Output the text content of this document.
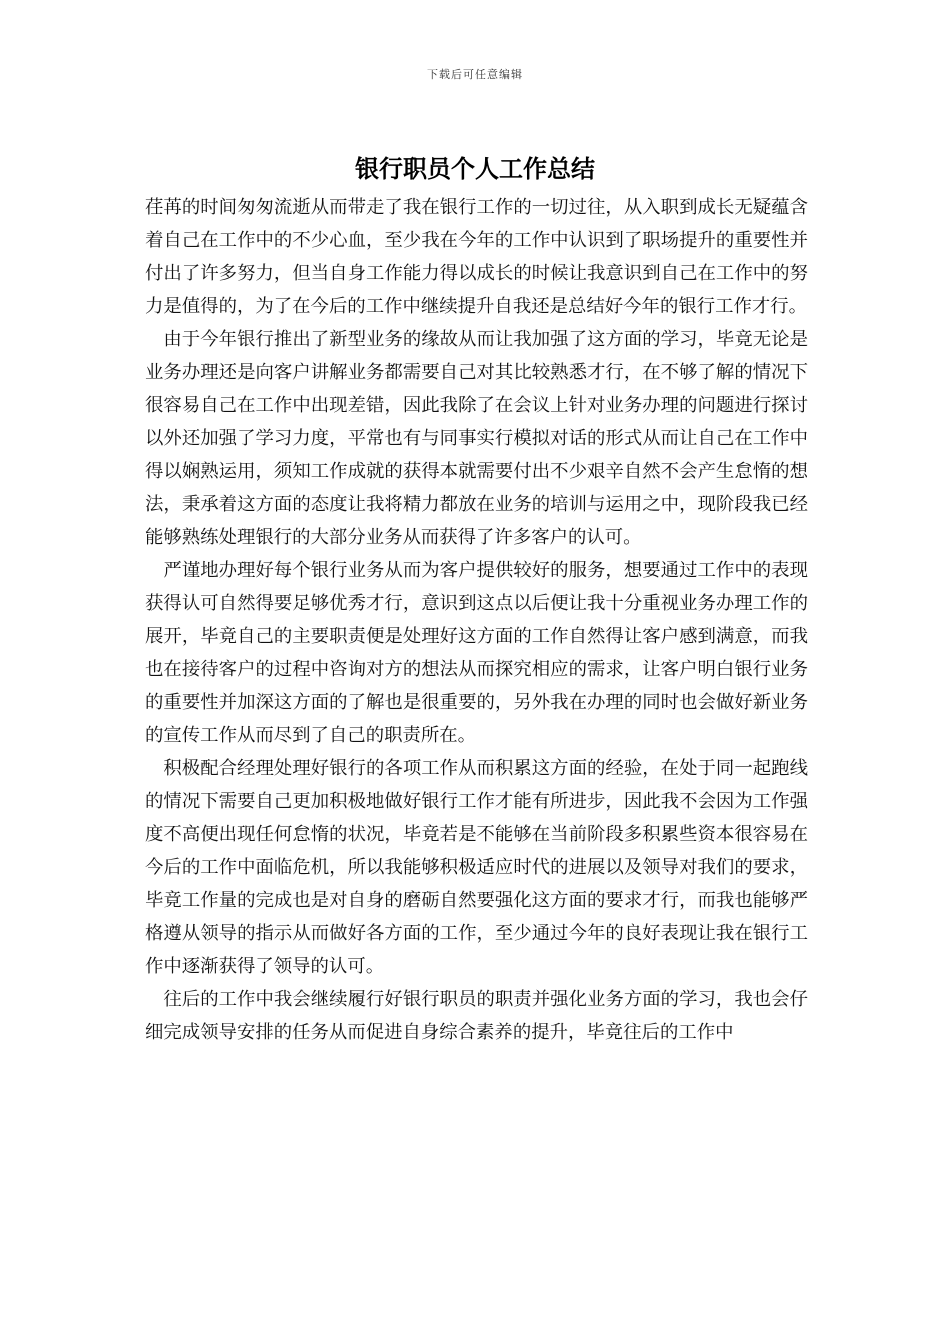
下载后可任意编辑
银行职员个人工作总结

荏苒的时间匆匆流逝从而带走了我在银行工作的一切过往，从入职到成长无疑蕴含着自己在工作中的不少心血，至少我在今年的工作中认识到了职场提升的重要性并付出了许多努力，但当自身工作能力得以成长的时候让我意识到自己在工作中的努力是值得的，为了在今后的工作中继续提升自我还是总结好今年的银行工作才行。

由于今年银行推出了新型业务的缘故从而让我加强了这方面的学习，毕竟无论是业务办理还是向客户讲解业务都需要自己对其比较熟悉才行，在不够了解的情况下很容易自己在工作中出现差错，因此我除了在会议上针对业务办理的问题进行探讨以外还加强了学习力度，平常也有与同事实行模拟对话的形式从而让自己在工作中得以娴熟运用，须知工作成就的获得本就需要付出不少艰辛自然不会产生怠惰的想法，秉承着这方面的态度让我将精力都放在业务的培训与运用之中，现阶段我已经能够熟练处理银行的大部分业务从而获得了许多客户的认可。

严谨地办理好每个银行业务从而为客户提供较好的服务，想要通过工作中的表现获得认可自然得要足够优秀才行，意识到这点以后便让我十分重视业务办理工作的展开，毕竟自己的主要职责便是处理好这方面的工作自然得让客户感到满意，而我也在接待客户的过程中咨询对方的想法从而探究相应的需求，让客户明白银行业务的重要性并加深这方面的了解也是很重要的，另外我在办理的同时也会做好新业务的宣传工作从而尽到了自己的职责所在。

积极配合经理处理好银行的各项工作从而积累这方面的经验，在处于同一起跑线的情况下需要自己更加积极地做好银行工作才能有所进步，因此我不会因为工作强度不高便出现任何怠惰的状况，毕竟若是不能够在当前阶段多积累些资本很容易在今后的工作中面临危机，所以我能够积极适应时代的进展以及领导对我们的要求，毕竟工作量的完成也是对自身的磨砺自然要强化这方面的要求才行，而我也能够严格遵从领导的指示从而做好各方面的工作，至少通过今年的良好表现让我在银行工作中逐渐获得了领导的认可。

往后的工作中我会继续履行好银行职员的职责并强化业务方面的学习，我也会仔细完成领导安排的任务从而促进自身综合素养的提升，毕竟往后的工作中
